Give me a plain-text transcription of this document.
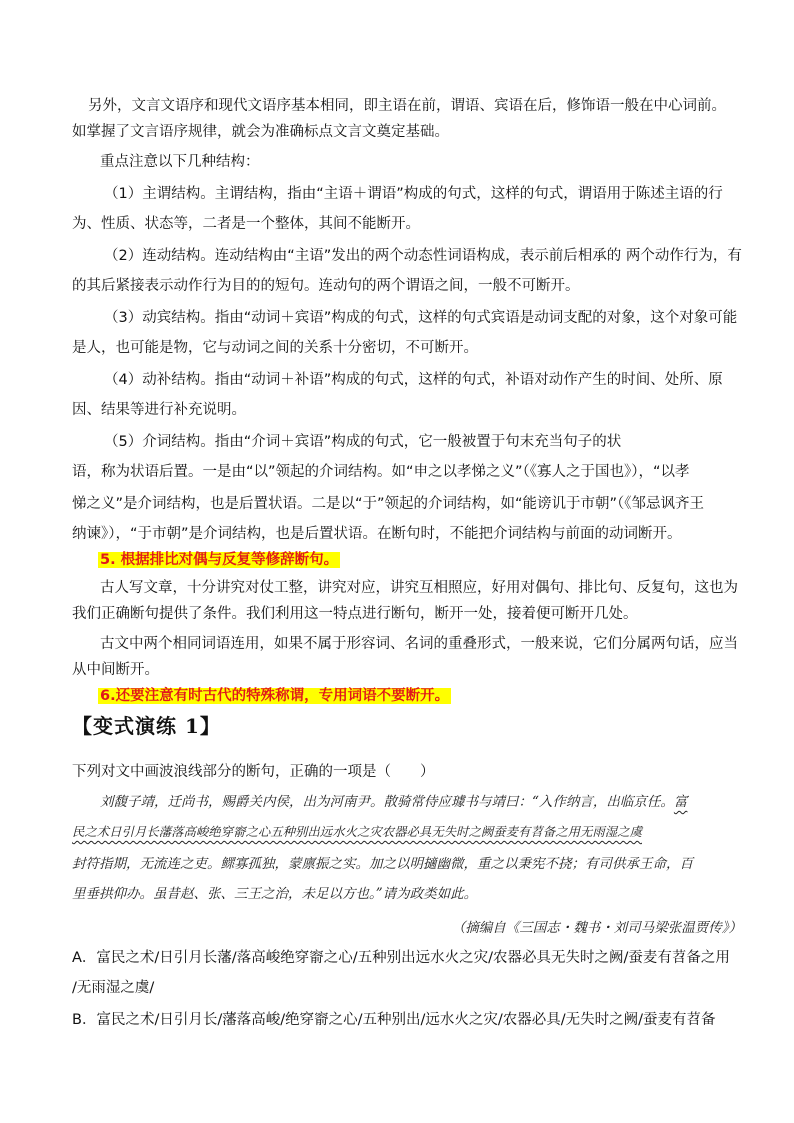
另外，文言文语序和现代文语序基本相同，即主语在前，谓语、宾语在后，修饰语一般在中心词前。
如掌握了文言语序规律，就会为准确标点文言文奠定基础。
重点注意以下几种结构：
（1）主谓结构。主谓结构，指由“主语＋谓语”构成的句式，这样的句式，谓语用于陈述主语的行
为、性质、状态等，二者是一个整体，其间不能断开。
（2）连动结构。连动结构由“主语”发出的两个动态性词语构成，表示前后相承的 两个动作行为，有
的其后紧接表示动作行为目的的短句。连动句的两个谓语之间，一般不可断开。
（3）动宾结构。指由“动词＋宾语”构成的句式，这样的句式宾语是动词支配的对象，这个对象可能
是人，也可能是物，它与动词之间的关系十分密切，不可断开。
（4）动补结构。指由“动词＋补语”构成的句式，这样的句式，补语对动作产生的时间、处所、原
因、结果等进行补充说明。
（5）介词结构。指由“介词＋宾语”构成的句式，它一般被置于句末充当句子的状
语，称为状语后置。一是由“以”领起的介词结构。如“申之以孝悌之义”（《寡人之于国也》），“以孝
悌之义”是介词结构，也是后置状语。二是以“于”领起的介词结构，如“能谤讥于市朝”（《邹忌讽齐王
纳谏》），“于市朝”是介词结构，也是后置状语。在断句时，不能把介词结构与前面的动词断开。
5. 根据排比对偶与反复等修辞断句。
古人写文章，十分讲究对仗工整，讲究对应，讲究互相照应，好用对偶句、排比句、反复句，这也为
我们正确断句提供了条件。我们利用这一特点进行断句，断开一处，接着便可断开几处。
古文中两个相同词语连用，如果不属于形容词、名词的重叠形式，一般来说，它们分属两句话，应当
从中间断开。
6.还要注意有时古代的特殊称谓，专用词语不要断开。
【变式演练 1】
下列对文中画波浪线部分的断句，正确的一项是（　　）
刘馥子靖，迁尚书，赐爵关内侯，出为河南尹。散骑常侍应璩书与靖曰：“入作纳言，出临京任。富
民之术日引月长藩落高峻绝穿窬之心五种别出远水火之灾农器必具无失时之阙蚕麦有苕备之用无雨湿之虞
封符指期，无流连之吏。鳏寡孤独，蒙廪振之实。加之以明擿幽微，重之以秉宪不挠；有司供承王命，百
里垂拱仰办。虽昔赵、张、三王之治，未足以方也。”请为政类如此。
（摘编自《三国志・魏书・刘司马梁张温贾传》）
A．富民之术/日引月长藩/落高峻绝穿窬之心/五种别出远水火之灾/农器必具无失时之阙/蚕麦有苕备之用
/无雨湿之虞/
B．富民之术/日引月长/藩落高峻/绝穿窬之心/五种别出/远水火之灾/农器必具/无失时之阙/蚕麦有苕备
